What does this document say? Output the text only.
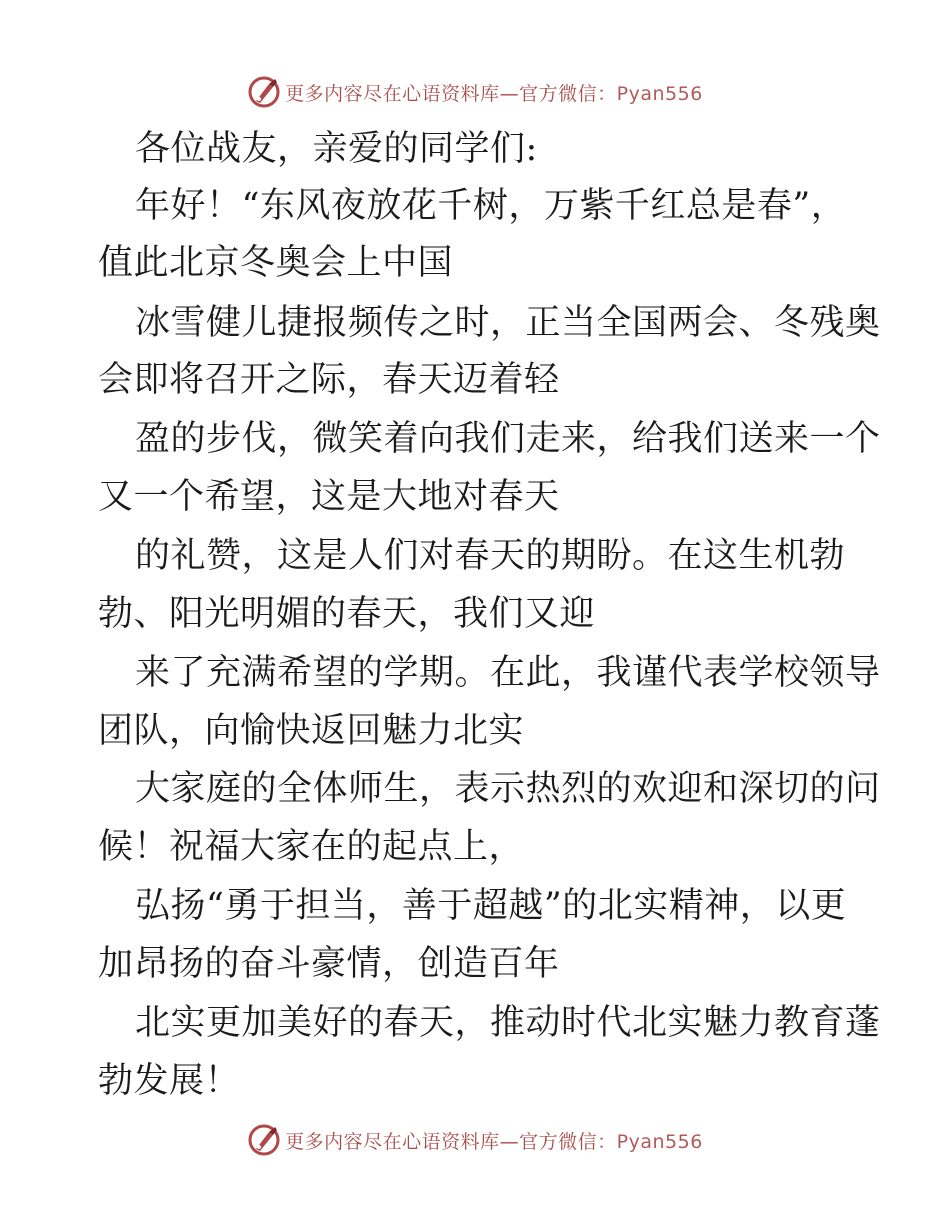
更多内容尽在心语资料库—官方微信：Pyan556
各位战友，亲爱的同学们:
年好！“东风夜放花千树，万紫千红总是春”，
值此北京冬奥会上中国
冰雪健儿捷报频传之时，正当全国两会、冬残奥
会即将召开之际，春天迈着轻
盈的步伐，微笑着向我们走来，给我们送来一个
又一个希望，这是大地对春天
的礼赞，这是人们对春天的期盼。在这生机勃
勃、阳光明媚的春天，我们又迎
来了充满希望的学期。在此，我谨代表学校领导
团队，向愉快返回魅力北实
大家庭的全体师生，表示热烈的欢迎和深切的问
候！祝福大家在的起点上，
弘扬“勇于担当，善于超越”的北实精神，以更
加昂扬的奋斗豪情，创造百年
北实更加美好的春天，推动时代北实魅力教育蓬
勃发展！
更多内容尽在心语资料库—官方微信：Pyan556
